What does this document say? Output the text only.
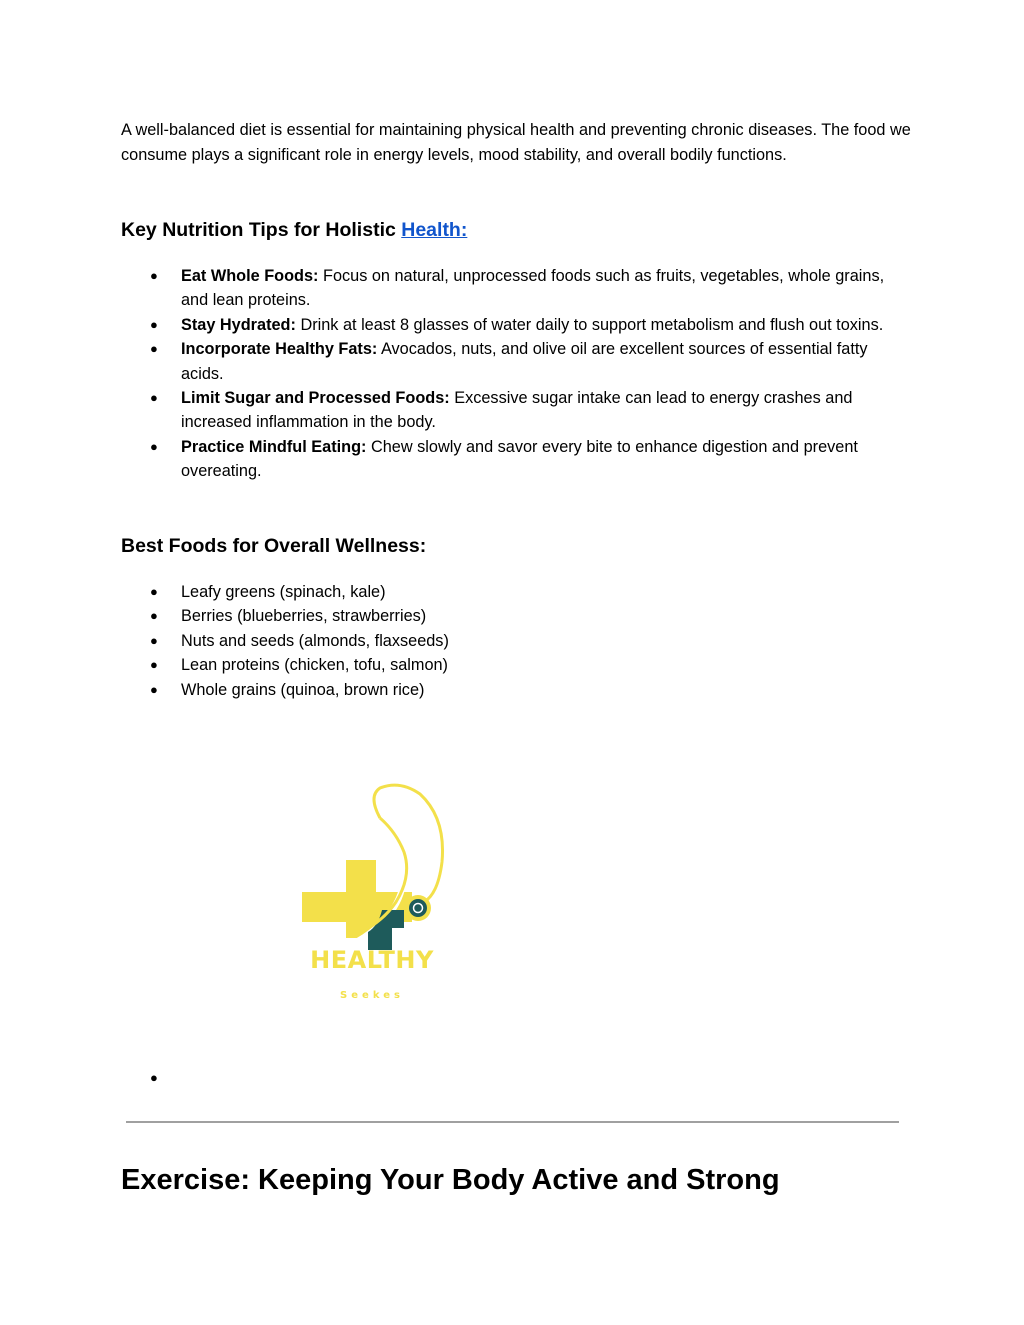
A well-balanced diet is essential for maintaining physical health and preventing chronic diseases. The food we consume plays a significant role in energy levels, mood stability, and overall bodily functions.

Key Nutrition Tips for Holistic Health:
● Eat Whole Foods: Focus on natural, unprocessed foods such as fruits, vegetables, whole grains, and lean proteins.
● Stay Hydrated: Drink at least 8 glasses of water daily to support metabolism and flush out toxins.
● Incorporate Healthy Fats: Avocados, nuts, and olive oil are excellent sources of essential fatty acids.
● Limit Sugar and Processed Foods: Excessive sugar intake can lead to energy crashes and increased inflammation in the body.
● Practice Mindful Eating: Chew slowly and savor every bite to enhance digestion and prevent overeating.
Best Foods for Overall Wellness:
● Leafy greens (spinach, kale)
● Berries (blueberries, strawberries)
● Nuts and seeds (almonds, flaxseeds)
● Lean proteins (chicken, tofu, salmon)
● Whole grains (quinoa, brown rice)
HEALTHY
Seekes
●
Exercise: Keeping Your Body Active and Strong
